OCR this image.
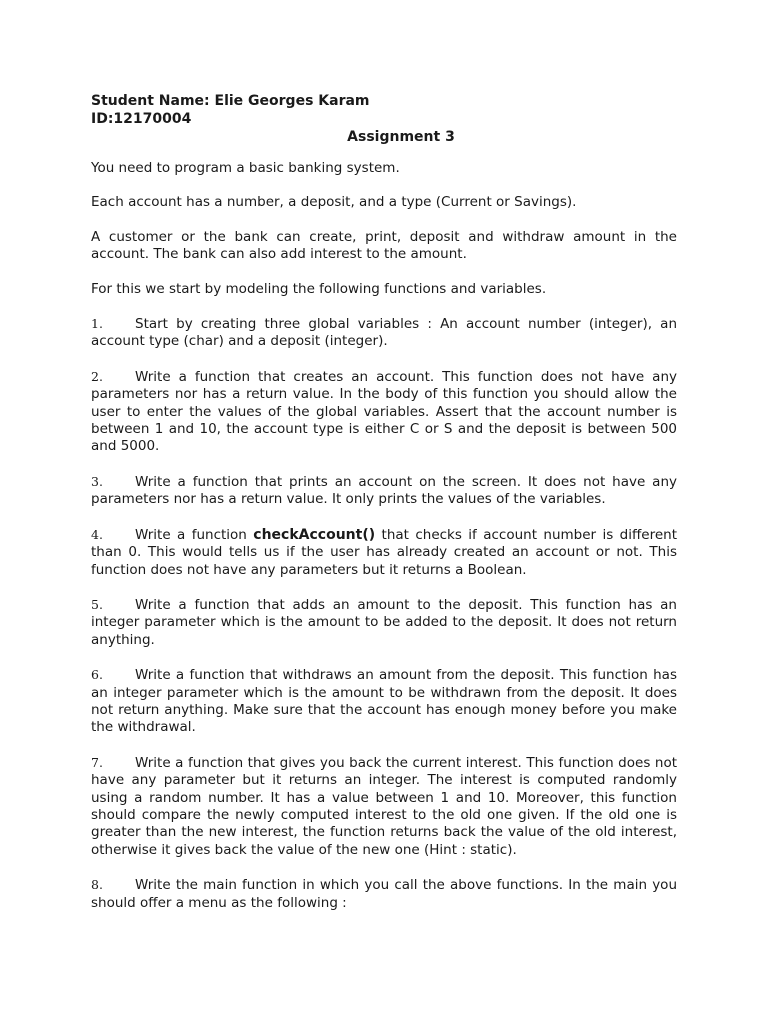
Student Name: Elie Georges Karam
ID:12170004
Assignment 3

You need to program a basic banking system.

Each account has a number, a deposit, and a type (Current or Savings).

A customer or the bank can create, print, deposit and withdraw amount in the account. The bank can also add interest to the amount.

For this we start by modeling the following functions and variables.

1. Start by creating three global variables : An account number (integer), an account type (char) and a deposit (integer).
2. Write a function that creates an account. This function does not have any parameters nor has a return value. In the body of this function you should allow the user to enter the values of the global variables. Assert that the account number is between 1 and 10, the account type is either C or S and the deposit is between 500 and 5000.
3. Write a function that prints an account on the screen. It does not have any parameters nor has a return value. It only prints the values of the variables.
4. Write a function checkAccount() that checks if account number is different than 0. This would tells us if the user has already created an account or not. This function does not have any parameters but it returns a Boolean.
5. Write a function that adds an amount to the deposit. This function has an integer parameter which is the amount to be added to the deposit. It does not return anything.
6. Write a function that withdraws an amount from the deposit. This function has an integer parameter which is the amount to be withdrawn from the deposit. It does not return anything. Make sure that the account has enough money before you make the withdrawal.
7. Write a function that gives you back the current interest. This function does not have any parameter but it returns an integer. The interest is computed randomly using a random number. It has a value between 1 and 10. Moreover, this function should compare the newly computed interest to the old one given. If the old one is greater than the new interest, the function returns back the value of the old interest, otherwise it gives back the value of the new one (Hint : static).
8. Write the main function in which you call the above functions. In the main you should offer a menu as the following :
